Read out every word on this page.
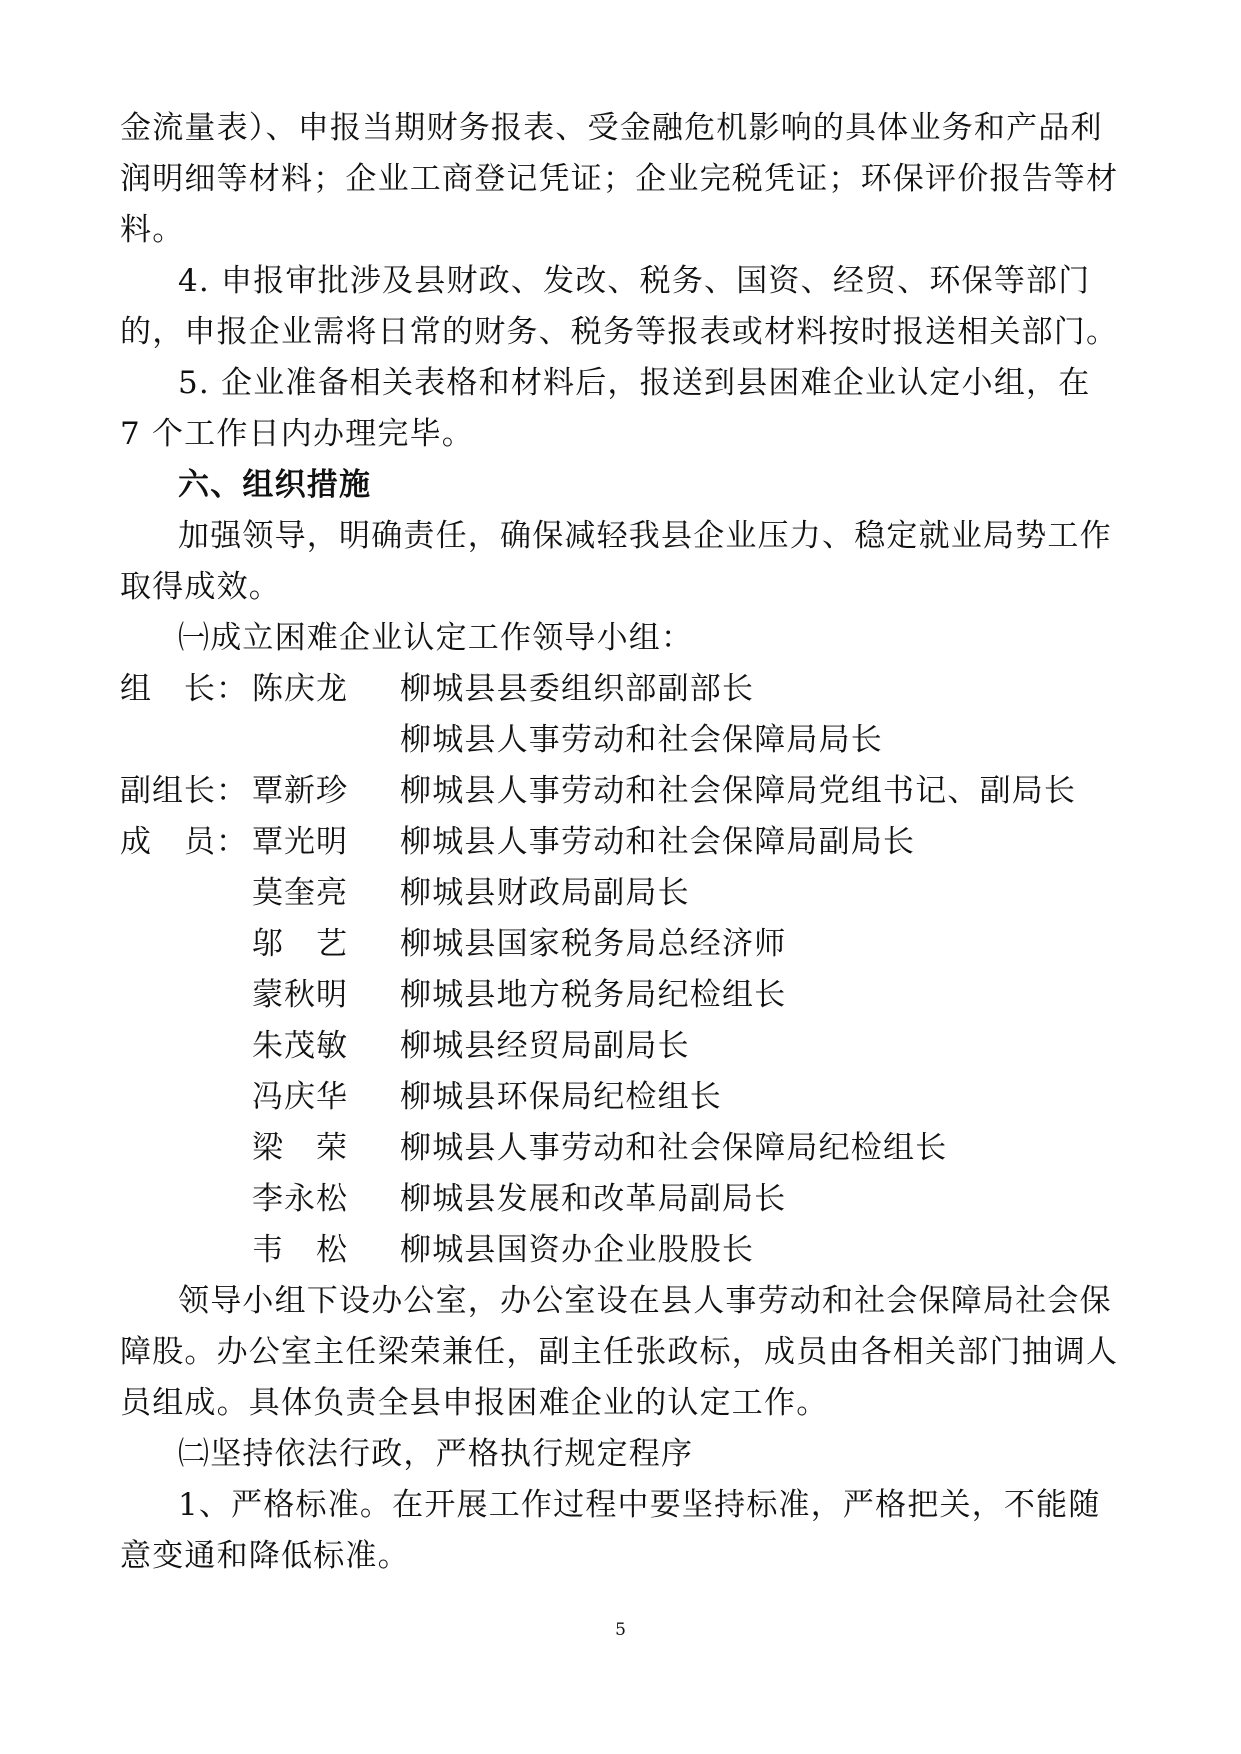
金流量表）、申报当期财务报表、受金融危机影响的具体业务和产品利
润明细等材料；企业工商登记凭证；企业完税凭证；环保评价报告等材
料。
4. 申报审批涉及县财政、发改、税务、国资、经贸、环保等部门
的，申报企业需将日常的财务、税务等报表或材料按时报送相关部门。
5. 企业准备相关表格和材料后，报送到县困难企业认定小组，在
7 个工作日内办理完毕。
六、组织措施
加强领导，明确责任，确保减轻我县企业压力、稳定就业局势工作
取得成效。
㈠成立困难企业认定工作领导小组：
组　长： 陈庆龙	柳城县县委组织部副部长
柳城县人事劳动和社会保障局局长
副组长： 覃新珍	柳城县人事劳动和社会保障局党组书记、副局长
成　员： 覃光明	柳城县人事劳动和社会保障局副局长
莫奎亮	柳城县财政局副局长
邬　艺	柳城县国家税务局总经济师
蒙秋明	柳城县地方税务局纪检组长
朱茂敏	柳城县经贸局副局长
冯庆华	柳城县环保局纪检组长
梁　荣	柳城县人事劳动和社会保障局纪检组长
李永松	柳城县发展和改革局副局长
韦　松	柳城县国资办企业股股长
领导小组下设办公室，办公室设在县人事劳动和社会保障局社会保
障股。办公室主任梁荣兼任，副主任张政标，成员由各相关部门抽调人
员组成。具体负责全县申报困难企业的认定工作。
㈡坚持依法行政，严格执行规定程序
1、严格标准。在开展工作过程中要坚持标准，严格把关，不能随
意变通和降低标准。
5
